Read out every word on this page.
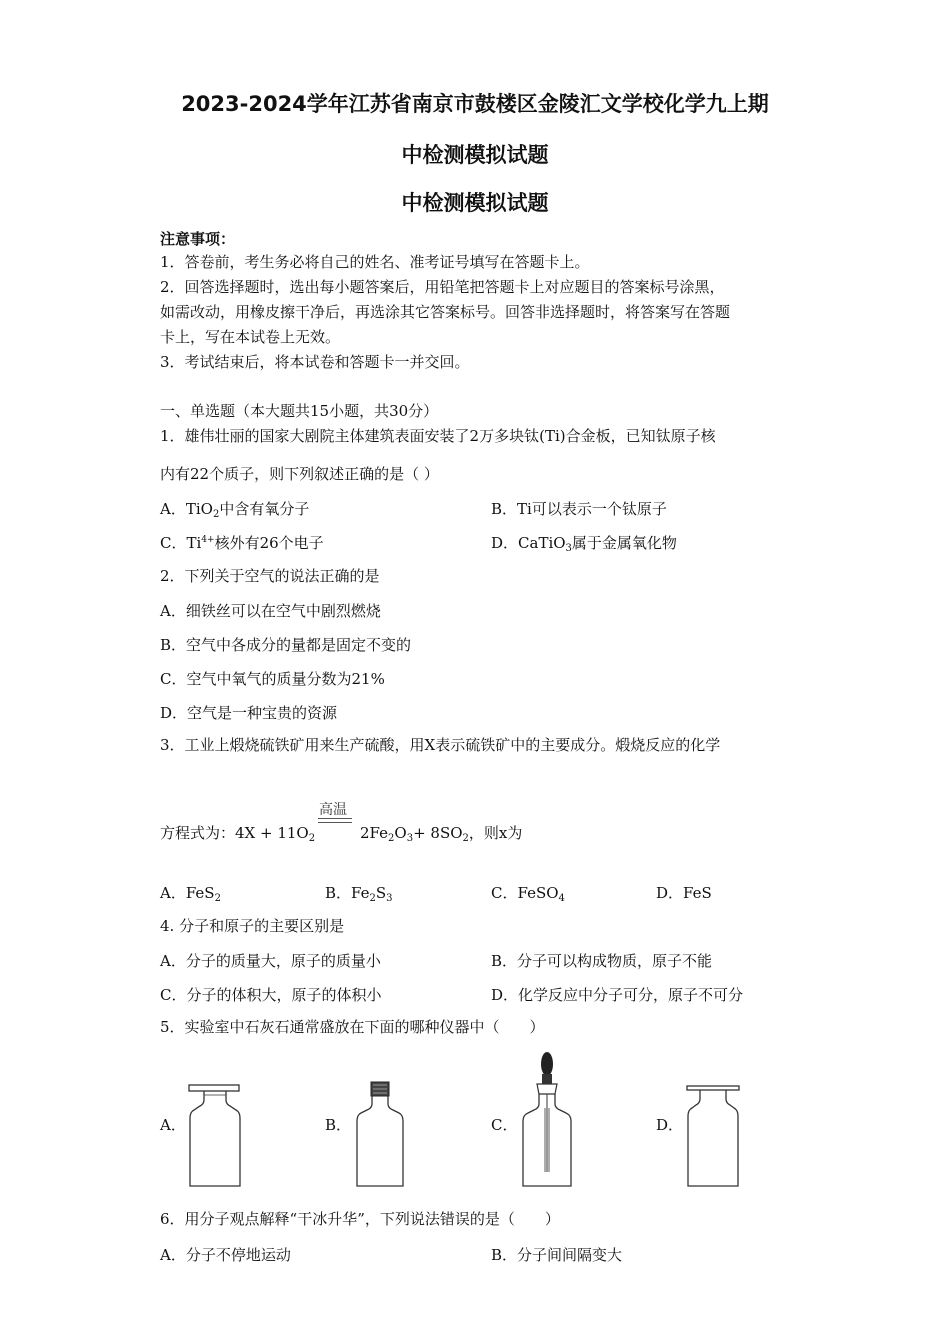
2023-2024学年江苏省南京市鼓楼区金陵汇文学校化学九上期
中检测模拟试题
中检测模拟试题
注意事项：
1．答卷前，考生务必将自己的姓名、准考证号填写在答题卡上。
2．回答选择题时，选出每小题答案后，用铅笔把答题卡上对应题目的答案标号涂黑，
如需改动，用橡皮擦干净后，再选涂其它答案标号。回答非选择题时，将答案写在答题
卡上，写在本试卷上无效。
3．考试结束后，将本试卷和答题卡一并交回。
一、单选题（本大题共15小题，共30分）
1．雄伟壮丽的国家大剧院主体建筑表面安装了2万多块钛(Ti)合金板，已知钛原子核
内有22个质子，则下列叙述正确的是（ ）
A．TiO$_2$中含有氧分子	B．Ti可以表示一个钛原子
C．$Ti^{4+}$核外有26个电子	D．CaTiO$_3$属于金属氧化物
2．下列关于空气的说法正确的是
A．细铁丝可以在空气中剧烈燃烧
B．空气中各成分的量都是固定不变的
C．空气中氧气的质量分数为21%
D．空气是一种宝贵的资源
3．工业上煅烧硫铁矿用来生产硫酸，用X表示硫铁矿中的主要成分。煅烧反应的化学
高温
方程式为：$4X + 11O_2$	$2Fe_2O_3+ 8SO_2$，则x为
A．FeS$_2$	B．$Fe_2S_3$	C．FeSO$_4$	D．FeS
4. 分子和原子的主要区别是
A．分子的质量大，原子的质量小	B．分子可以构成物质，原子不能
C．分子的体积大，原子的体积小	D．化学反应中分子可分，原子不可分
5．实验室中石灰石通常盛放在下面的哪种仪器中（　　）
A．	B．	C．	D．
6．用分子观点解释“干冰升华”，下列说法错误的是（　　）
A．分子不停地运动	B．分子间间隔变大
